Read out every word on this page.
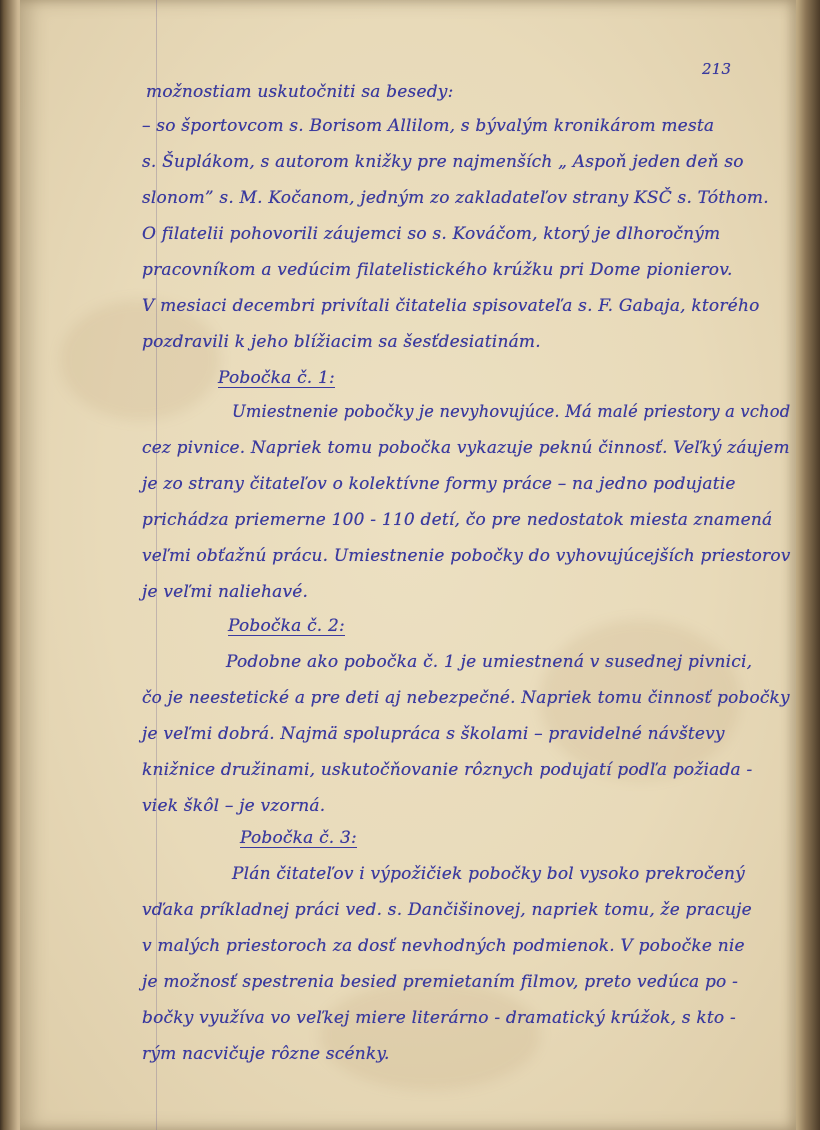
213

možnostiam uskutočniti sa besedy:

– so športovcom s. Borisom Allilom, s bývalým kronikárom mesta

s. Šuplákom, s autorom knižky pre najmenších „ Aspoň jeden deň so

slonom” s. M. Kočanom, jedným zo zakladateľov strany KSČ s. Tóthom.

O filatelii pohovorili záujemci so s. Kováčom, ktorý je dlhoročným

pracovníkom a vedúcim filatelistického krúžku pri Dome pionierov.

V mesiaci decembri privítali čitatelia spisovateľa s. F. Gabaja, ktorého

pozdravili k jeho blížiacim sa šesťdesiatinám.

Pobočka č. 1:

Umiestnenie pobočky je nevyhovujúce. Má malé priestory a vchod

cez pivnice. Napriek tomu pobočka vykazuje peknú činnosť. Veľký záujem

je zo strany čitateľov o kolektívne formy práce – na jedno podujatie

prichádza priemerne 100 - 110 detí, čo pre nedostatok miesta znamená

veľmi obťažnú prácu. Umiestnenie pobočky do vyhovujúcejších priestorov

je veľmi naliehavé.

Pobočka č. 2:

Podobne ako pobočka č. 1 je umiestnená v susednej pivnici,

čo je neestetické a pre deti aj nebezpečné. Napriek tomu činnosť pobočky

je veľmi dobrá. Najmä spolupráca s školami – pravidelné návštevy

knižnice družinami, uskutočňovanie rôznych podujatí podľa požiada -

viek škôl – je vzorná.

Pobočka č. 3:

Plán čitateľov i výpožičiek pobočky bol vysoko prekročený

vďaka príkladnej práci ved. s. Dančišinovej, napriek tomu, že pracuje

v malých priestoroch za dosť nevhodných podmienok. V pobočke nie

je možnosť spestrenia besied premietaním filmov, preto vedúca po -

bočky využíva vo veľkej miere literárno - dramatický krúžok, s kto -

rým nacvičuje rôzne scénky.
